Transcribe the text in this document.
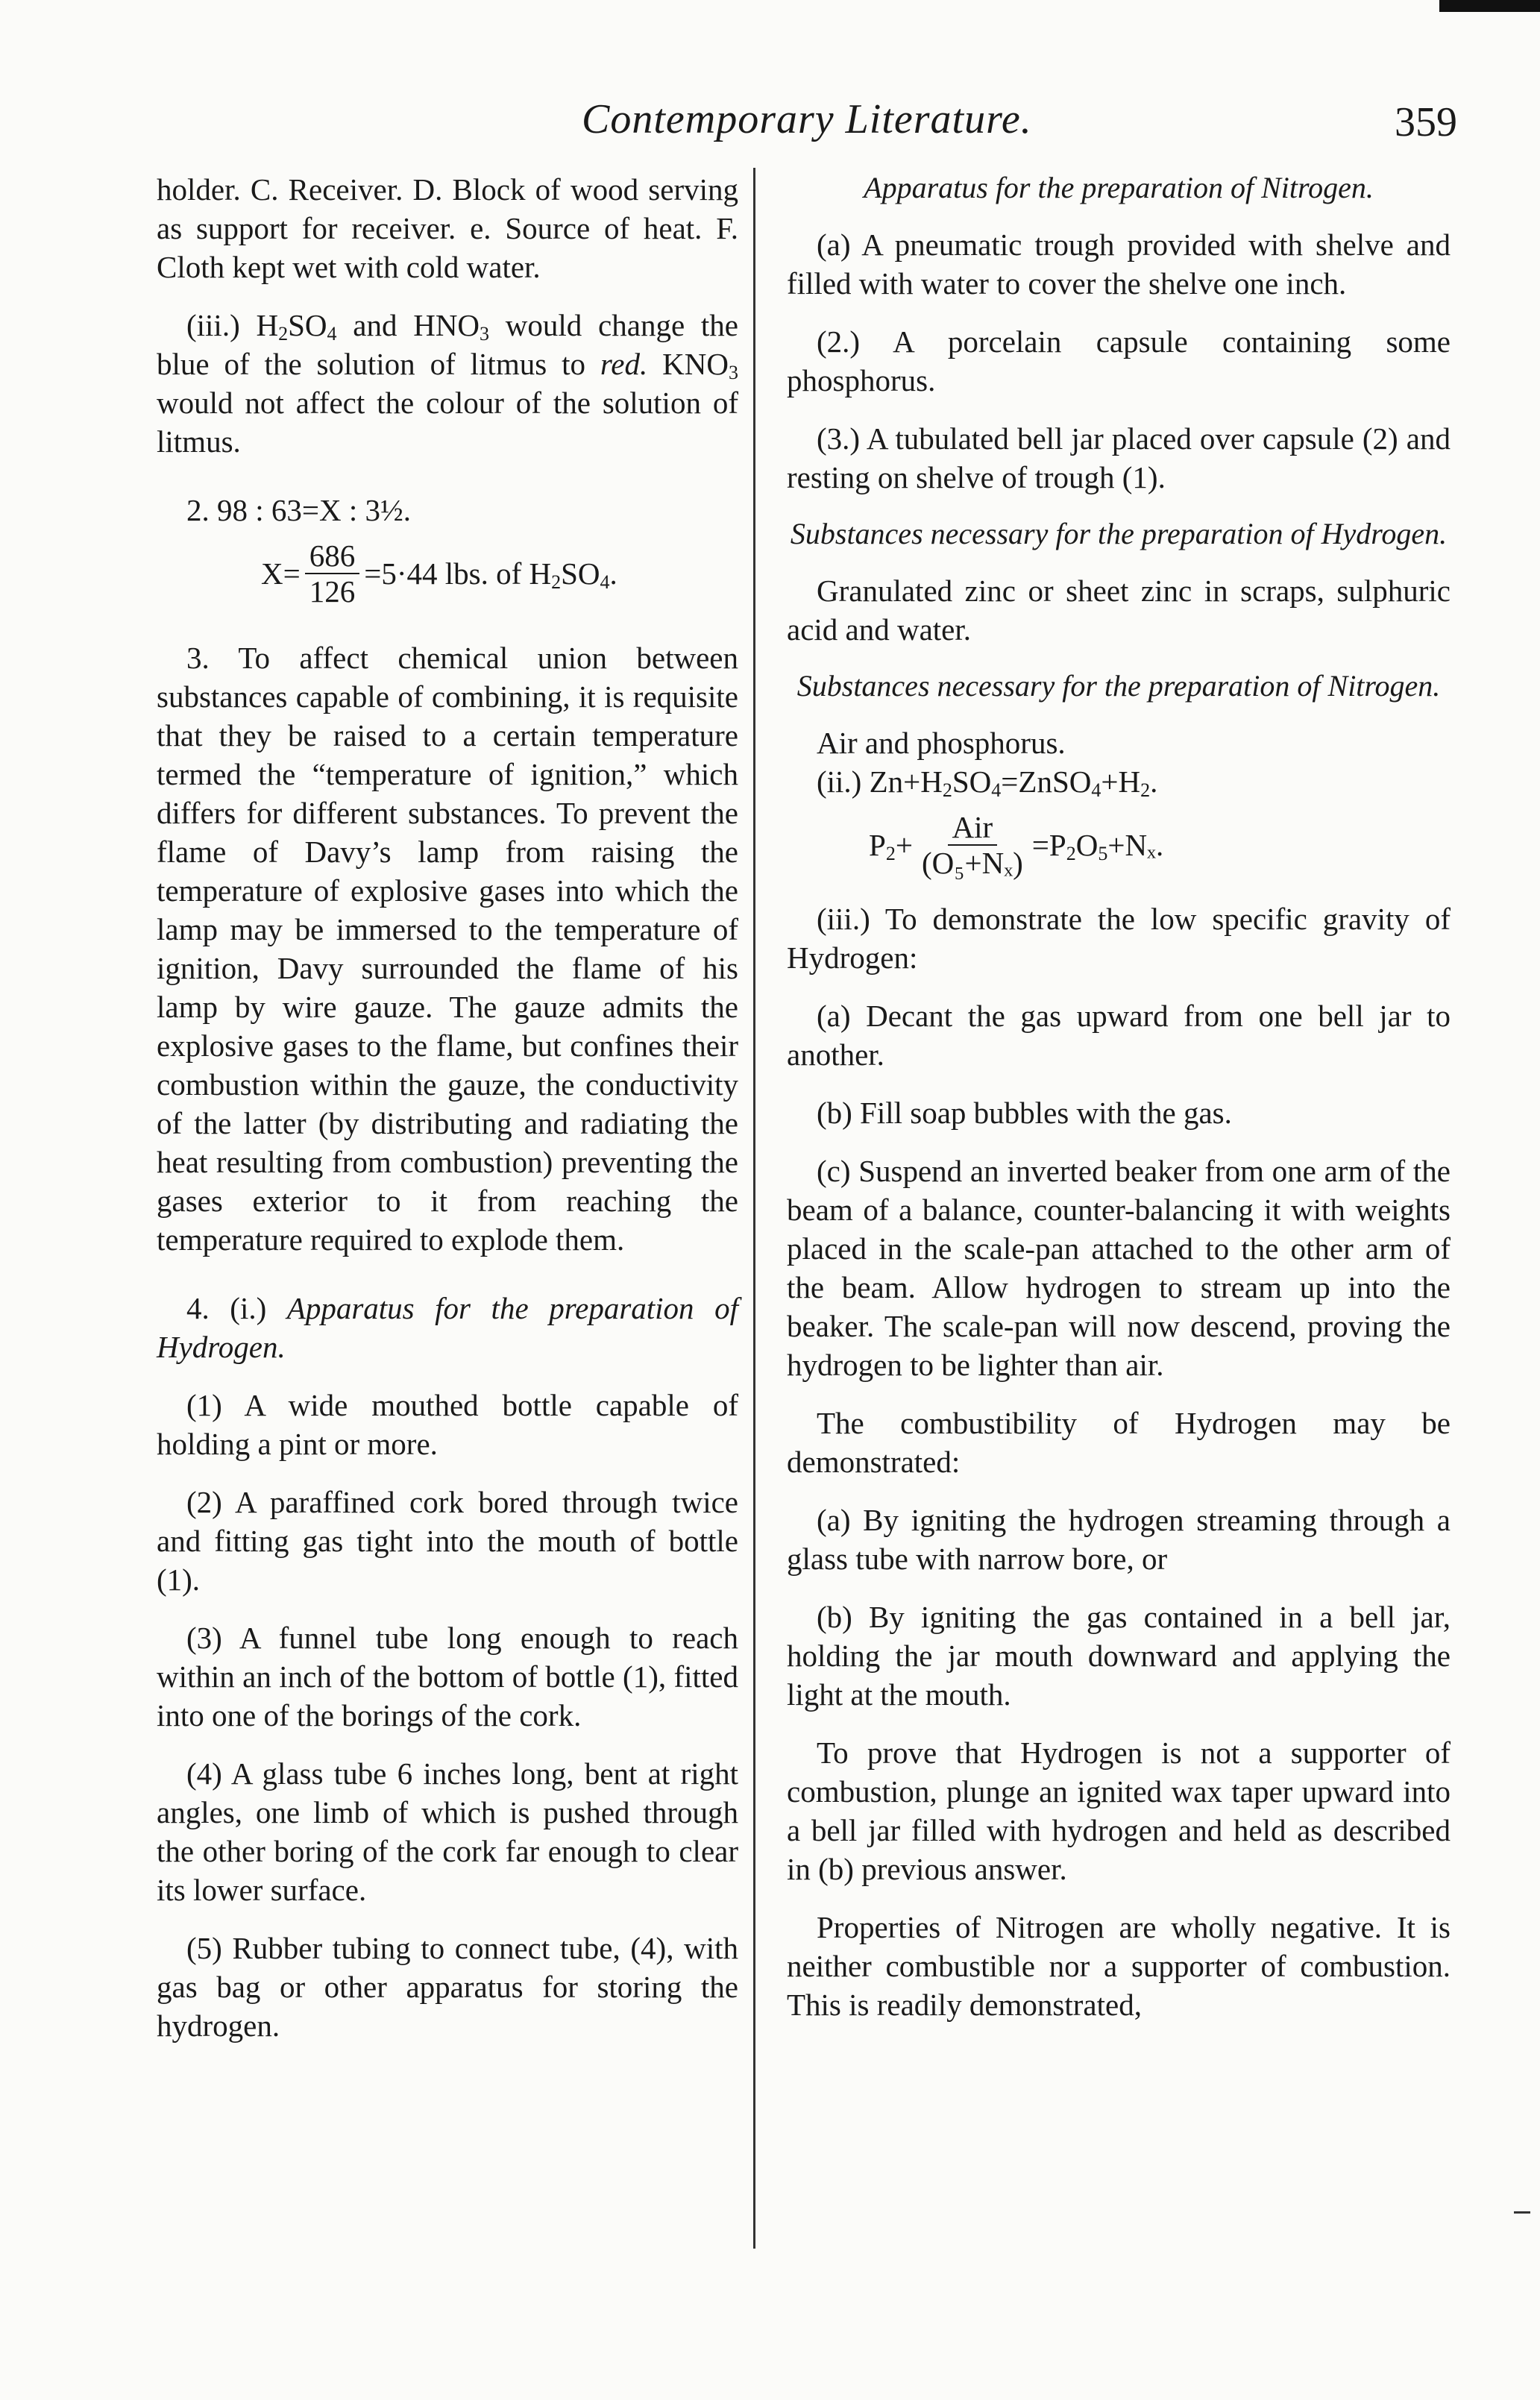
Contemporary Literature.	359

holder. C. Receiver. D. Block of wood serving as support for receiver. e. Source of heat. F. Cloth kept wet with cold water.

(iii.) $H_2SO_4$ and $HNO_3$ would change the blue of the solution of litmus to red. $KNO_3$ would not affect the colour of the solution of litmus.

2. 98 : 63=X : 3½.

$X= \frac{686}{126} =5\cdot 44$ lbs. of $H_2SO_4$.

3. To affect chemical union between substances capable of combining, it is requisite that they be raised to a certain temperature termed the “temperature of ignition,” which differs for different substances. To prevent the flame of Davy’s lamp from raising the temperature of explosive gases into which the lamp may be immersed to the temperature of ignition, Davy surrounded the flame of his lamp by wire gauze. The gauze admits the explosive gases to the flame, but confines their combustion within the gauze, the conductivity of the latter (by distributing and radiating the heat resulting from combustion) preventing the gases exterior to it from reaching the temperature required to explode them.

4. (i.) Apparatus for the preparation of Hydrogen.

(1) A wide mouthed bottle capable of holding a pint or more.

(2) A paraffined cork bored through twice and fitting gas tight into the mouth of bottle (1).

(3) A funnel tube long enough to reach within an inch of the bottom of bottle (1), fitted into one of the borings of the cork.

(4) A glass tube 6 inches long, bent at right angles, one limb of which is pushed through the other boring of the cork far enough to clear its lower surface.

(5) Rubber tubing to connect tube, (4), with gas bag or other apparatus for storing the hydrogen.

Apparatus for the preparation of Nitrogen.

(a) A pneumatic trough provided with shelve and filled with water to cover the shelve one inch.

(2.) A porcelain capsule containing some phosphorus.

(3.) A tubulated bell jar placed over capsule (2) and resting on shelve of trough (1).

Substances necessary for the preparation of Hydrogen.

Granulated zinc or sheet zinc in scraps, sulphuric acid and water.

Substances necessary for the preparation of Nitrogen.

Air and phosphorus.

(ii.) $Zn+H_2SO_4=ZnSO_4+H_2$.

$P_2+ \frac{\text{Air}}{\text{(O₅+Nₓ)}} =P_2O_5+N_x$.

(iii.) To demonstrate the low specific gravity of Hydrogen:

(a) Decant the gas upward from one bell jar to another.

(b) Fill soap bubbles with the gas.

(c) Suspend an inverted beaker from one arm of the beam of a balance, counter-balancing it with weights placed in the scale-pan attached to the other arm of the beam. Allow hydrogen to stream up into the beaker. The scale-pan will now descend, proving the hydrogen to be lighter than air.

The combustibility of Hydrogen may be demonstrated:

(a) By igniting the hydrogen streaming through a glass tube with narrow bore, or

(b) By igniting the gas contained in a bell jar, holding the jar mouth downward and applying the light at the mouth.

To prove that Hydrogen is not a supporter of combustion, plunge an ignited wax taper upward into a bell jar filled with hydrogen and held as described in (b) previous answer.

Properties of Nitrogen are wholly negative. It is neither combustible nor a supporter of combustion. This is readily demonstrated,
